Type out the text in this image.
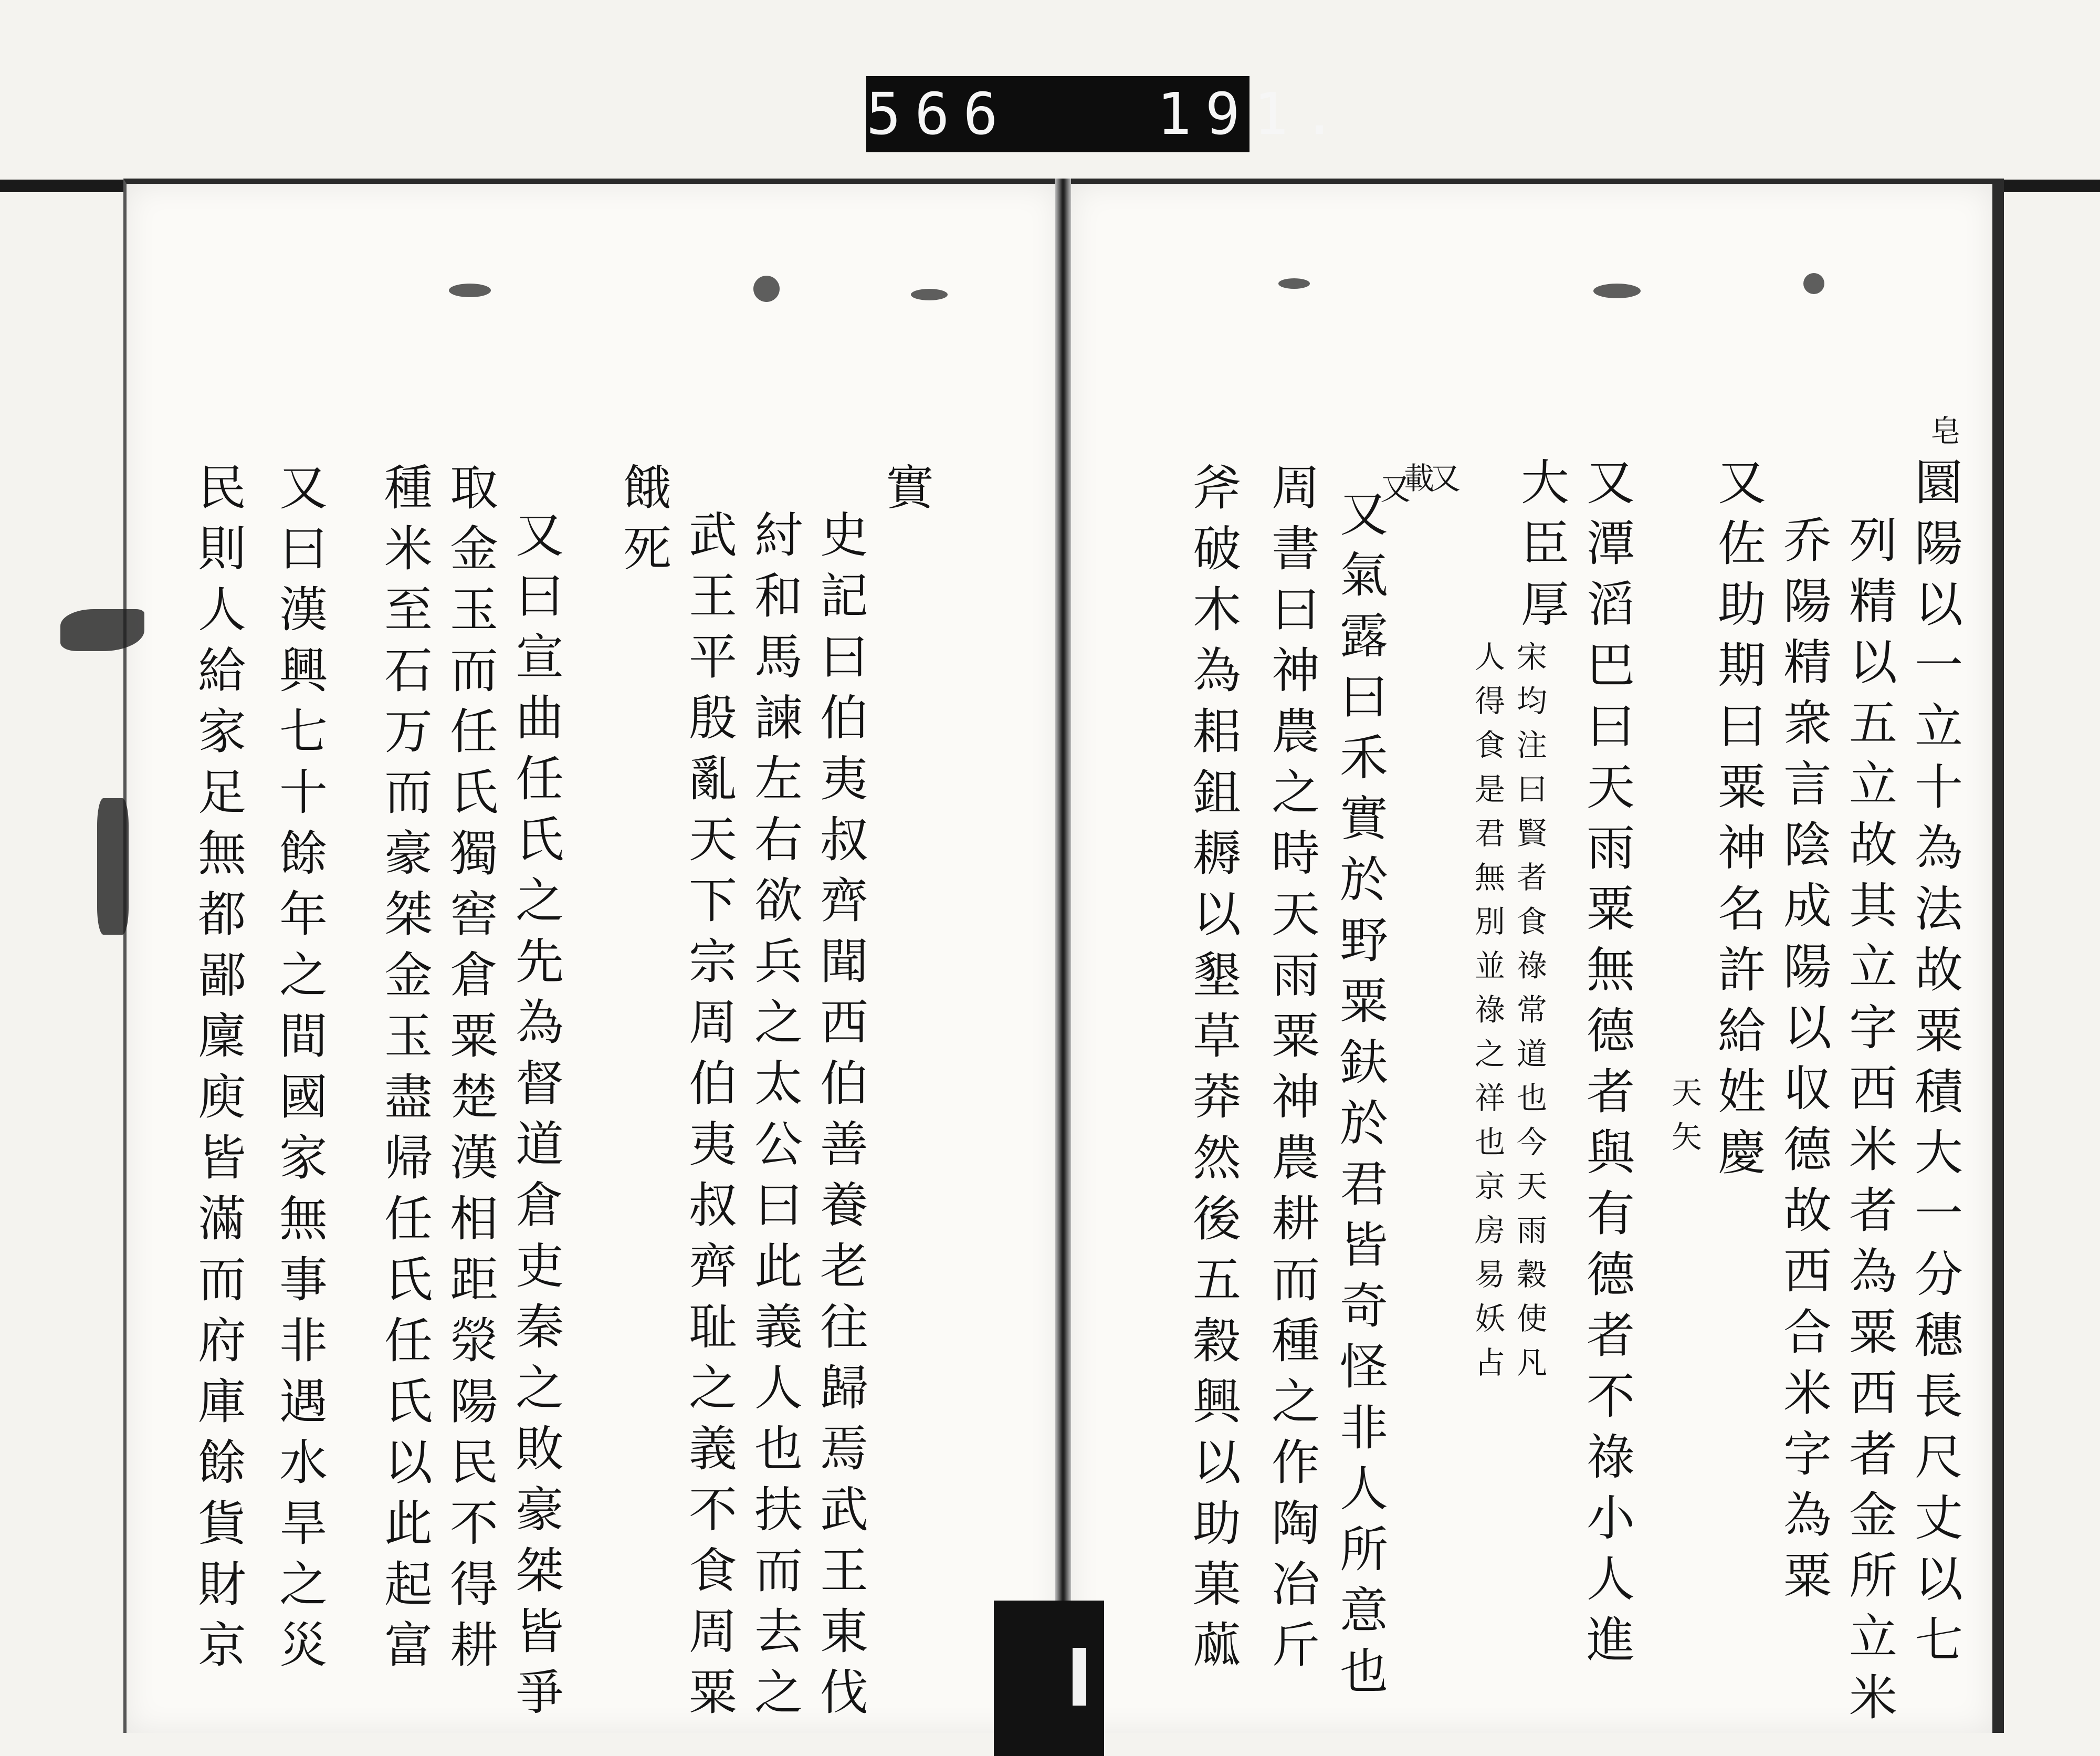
566   191.
圜陽以一立十為法故粟積大一分穗長尺丈以七
皂
列精以五立故其立字西米者為粟西者金所立米
乔陽精衆言陰成陽以収德故西合米字為粟
又佐助期曰粟神名許給姓慶
天矢
又潭滔巴曰天雨粟無德者與有德者不祿小人進
大臣厚
宋均注曰賢者食祿常道也今天雨穀使凡
人得食是君無別並祿之祥也京房易妖占
又
載
又氣露曰禾實於野粟鈇於君皆奇怪非人所意也
周書曰神農之時天雨粟神農耕而種之作陶冶斤
斧破木為耜鉏耨以墾草莽然後五穀興以助菓蓏	又
實
史記曰伯夷叔齊聞西伯善養老往歸焉武王東伐
紂和馬諫左右欲兵之太公曰此義人也扶而去之
武王平殷亂天下宗周伯夷叔齊耻之義不食周粟
餓死
又曰宣曲任氏之先為督道倉吏秦之敗豪桀皆爭
取金玉而任氏獨窖倉粟楚漢相距滎陽民不得耕
種米至石万而豪桀金玉盡帰任氏任氏以此起富
又曰漢興七十餘年之間國家無事非遇水旱之災
民則人給家足無都鄙廩庾皆滿而府庫餘貨財京
